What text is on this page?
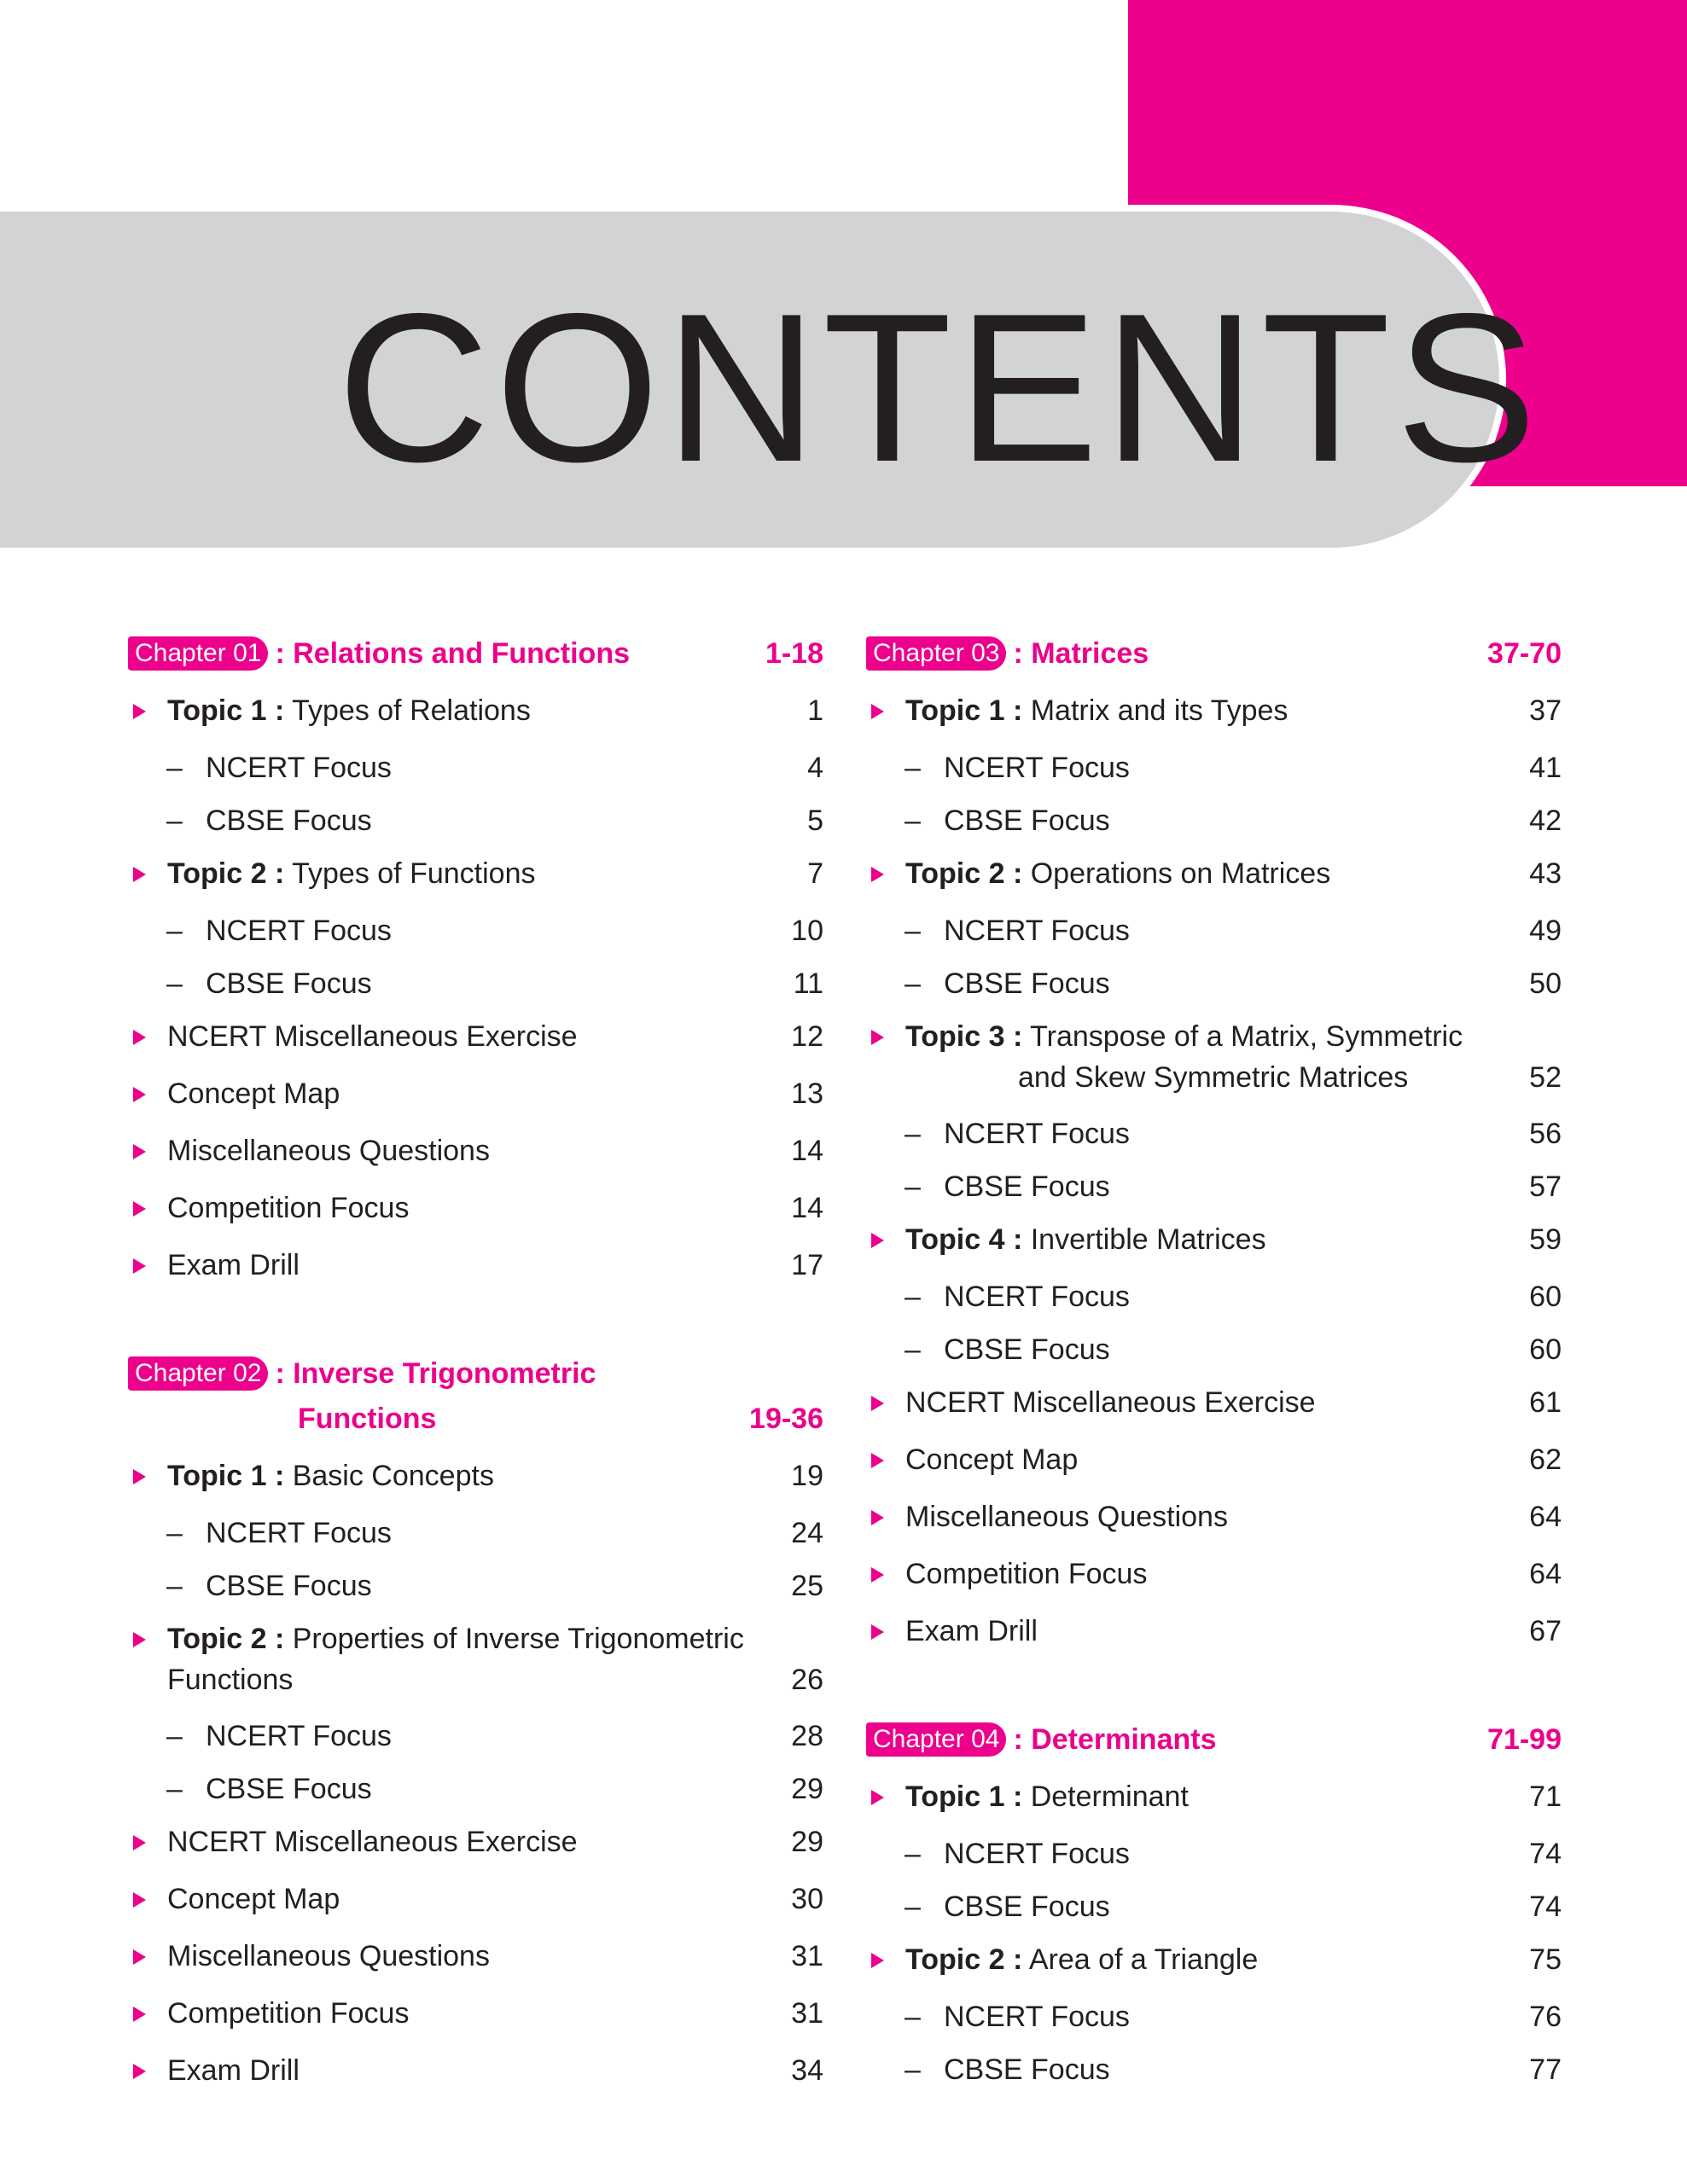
CONTENTS
Chapter 01 : Relations and Functions	1-18
Topic 1 : Types of Relations	1
– NCERT Focus	4
– CBSE Focus	5
Topic 2 : Types of Functions	7
– NCERT Focus	10
– CBSE Focus	11
NCERT Miscellaneous Exercise	12
Concept Map	13
Miscellaneous Questions	14
Competition Focus	14
Exam Drill	17
Chapter 02 : Inverse Trigonometric
Functions	19-36
Topic 1 : Basic Concepts	19
– NCERT Focus	24
– CBSE Focus	25
Topic 2 : Properties of Inverse Trigonometric
Functions	26
– NCERT Focus	28
– CBSE Focus	29
NCERT Miscellaneous Exercise	29
Concept Map	30
Miscellaneous Questions	31
Competition Focus	31
Exam Drill	34
Chapter 03 : Matrices	37-70
Topic 1 : Matrix and its Types	37
– NCERT Focus	41
– CBSE Focus	42
Topic 2 : Operations on Matrices	43
– NCERT Focus	49
– CBSE Focus	50
Topic 3 : Transpose of a Matrix, Symmetric
and Skew Symmetric Matrices	52
– NCERT Focus	56
– CBSE Focus	57
Topic 4 : Invertible Matrices	59
– NCERT Focus	60
– CBSE Focus	60
NCERT Miscellaneous Exercise	61
Concept Map	62
Miscellaneous Questions	64
Competition Focus	64
Exam Drill	67
Chapter 04 : Determinants	71-99
Topic 1 : Determinant	71
– NCERT Focus	74
– CBSE Focus	74
Topic 2 : Area of a Triangle	75
– NCERT Focus	76
– CBSE Focus	77
